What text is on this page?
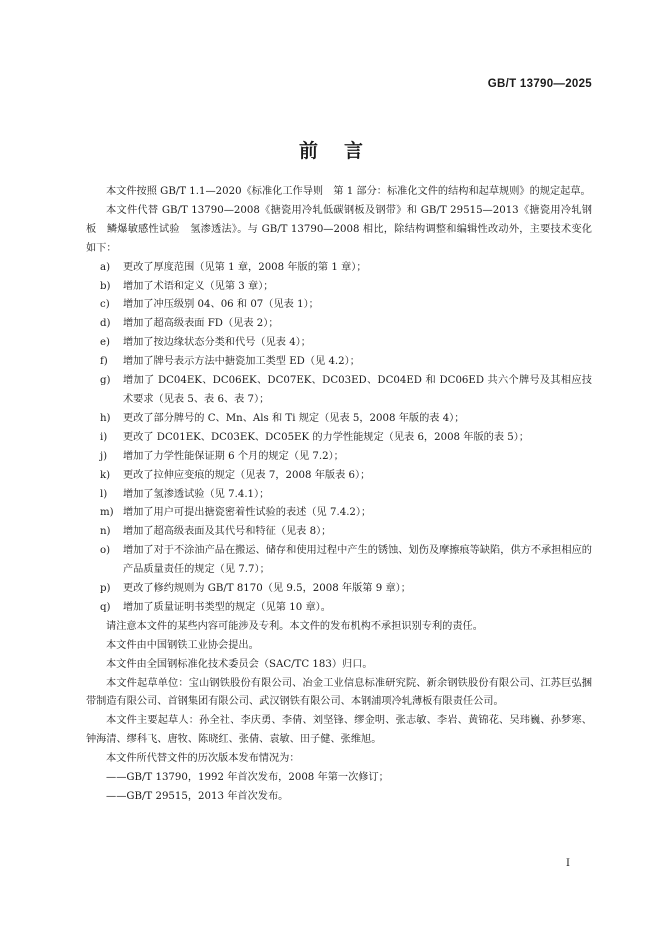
GB/T 13790—2025
前言

本文件按照 GB/T 1.1—2020《标准化工作导则　第 1 部分：标准化文件的结构和起草规则》的规定起草。

本文件代替 GB/T 13790—2008《搪瓷用冷轧低碳钢板及钢带》和 GB/T 29515—2013《搪瓷用冷轧钢板　鳞爆敏感性试验　氢渗透法》。与 GB/T 13790—2008 相比，除结构调整和编辑性改动外，主要技术变化如下：

a) 更改了厚度范围（见第 1 章，2008 年版的第 1 章）；

b) 增加了术语和定义（见第 3 章）；

c) 增加了冲压级别 04、06 和 07（见表 1）；

d) 增加了超高级表面 FD（见表 2）；

e) 增加了按边缘状态分类和代号（见表 4）；

f) 增加了牌号表示方法中搪瓷加工类型 ED（见 4.2）；

g) 增加了 DC04EK、DC06EK、DC07EK、DC03ED、DC04ED 和 DC06ED 共六个牌号及其相应技术要求（见表 5、表 6、表 7）；

h) 更改了部分牌号的 C、Mn、Als 和 Ti 规定（见表 5，2008 年版的表 4）；

i) 更改了 DC01EK、DC03EK、DC05EK 的力学性能规定（见表 6，2008 年版的表 5）；

j) 增加了力学性能保证期 6 个月的规定（见 7.2）；

k) 更改了拉伸应变痕的规定（见表 7，2008 年版表 6）；

l) 增加了氢渗透试验（见 7.4.1）；

m) 增加了用户可提出搪瓷密着性试验的表述（见 7.4.2）；

n) 增加了超高级表面及其代号和特征（见表 8）；

o) 增加了对于不涂油产品在搬运、储存和使用过程中产生的锈蚀、划伤及摩擦痕等缺陷，供方不承担相应的产品质量责任的规定（见 7.7）；

p) 更改了修约规则为 GB/T 8170（见 9.5，2008 年版第 9 章）；

q) 增加了质量证明书类型的规定（见第 10 章）。

请注意本文件的某些内容可能涉及专利。本文件的发布机构不承担识别专利的责任。

本文件由中国钢铁工业协会提出。

本文件由全国钢标准化技术委员会（SAC/TC 183）归口。

本文件起草单位：宝山钢铁股份有限公司、冶金工业信息标准研究院、新余钢铁股份有限公司、江苏巨弘捆带制造有限公司、首钢集团有限公司、武汉钢铁有限公司、本钢浦项冷轧薄板有限责任公司。

本文件主要起草人：孙全社、李庆勇、李倩、刘坚锋、缪金明、张志敏、李岩、黄锦花、吴玮巍、孙梦寒、钟海清、缪科飞、唐牧、陈晓红、张倩、袁敏、田子健、张维旭。

本文件所代替文件的历次版本发布情况为：

——GB/T 13790，1992 年首次发布，2008 年第一次修订；

——GB/T 29515，2013 年首次发布。

I
